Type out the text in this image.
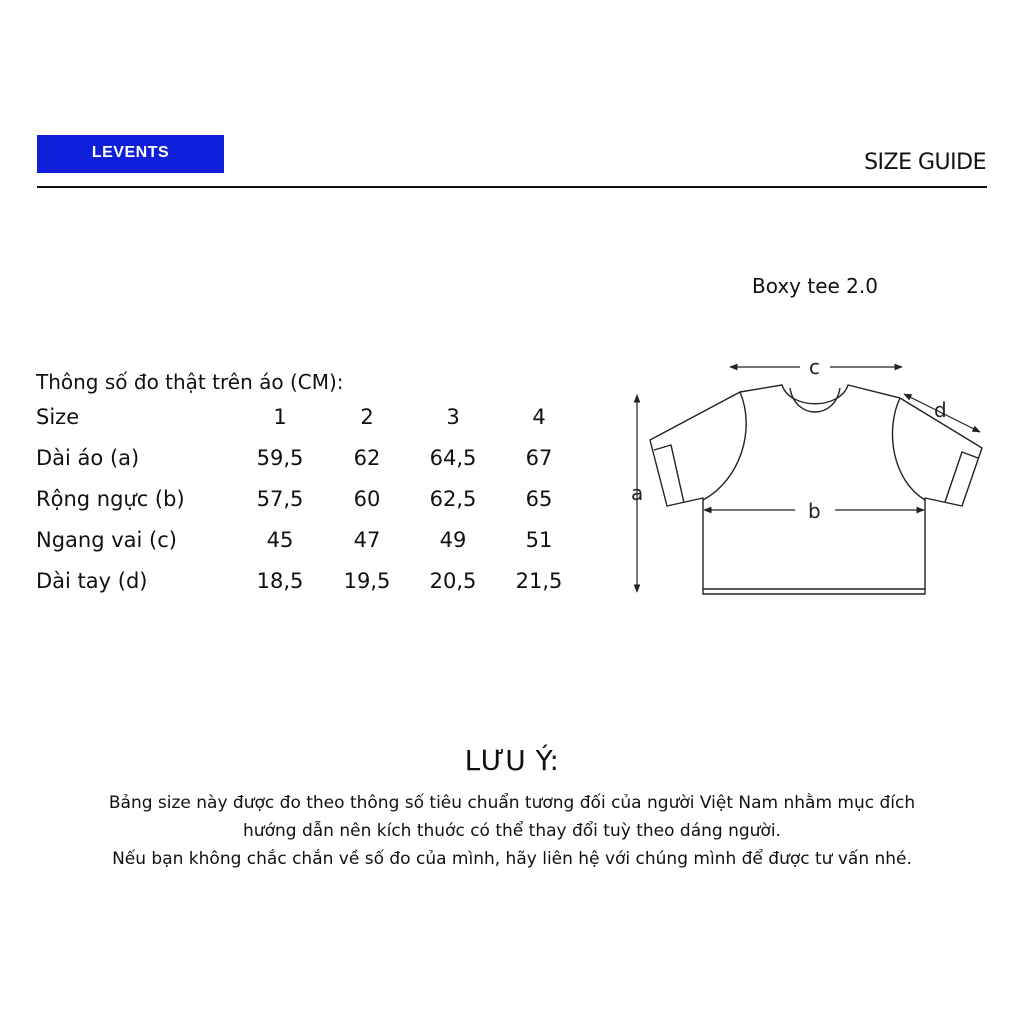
LEVENTS	SIZE GUIDE
Boxy tee 2.0
Thông số đo thật trên áo (CM):
Size	1	2	3	4
Dài áo (a)	59,5	62	64,5	67
Rộng ngực (b)	57,5	60	62,5	65
Ngang vai (c)	45	47	49	51
Dài tay (d)	18,5	19,5	20,5	21,5
a
b
c
d
LƯU Ý:
Bảng size này được đo theo thông số tiêu chuẩn tương đối của người Việt Nam nhằm mục đích
hướng dẫn nên kích thuớc có thể thay đổi tuỳ theo dáng người.
Nếu bạn không chắc chắn về số đo của mình, hãy liên hệ với chúng mình để được tư vấn nhé.
